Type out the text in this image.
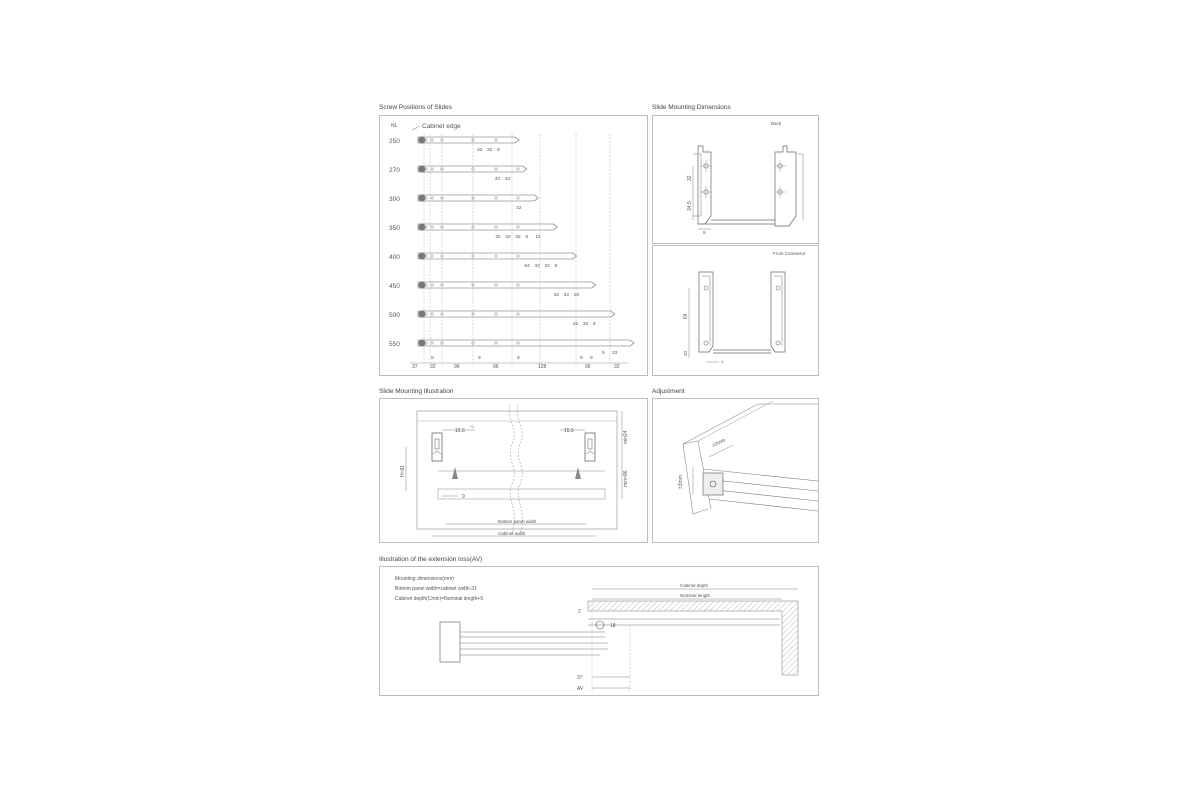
Screw Positions of Slides	Slide Mounting Dimensions
Slide Mounting Illustration	Adjustment
Illustration of the extension loss(AV)
NL	Cabinet edge
250
32 32 9
270
32 32
300
32
350
32 32 32 9 12
400
64 32 32 9
450
32 32 16
500
32 32 9
550
9 23
9	9	9	9 9
37 32	96	96	128	96	32
Back
32
34.5
9
Front Connector
64
10
7
15.5
+1
15.5	min24
min=86
H=81
9
Bottom panel width
Cabinet width
±2mm
±3mm
Mounting dimensions(mm)
Bottom panel width=cabinet width-31
Cabinet depth(Cmin)=Nominal length+5
Cabinet depth
Nominal length
2
18
37
AV
